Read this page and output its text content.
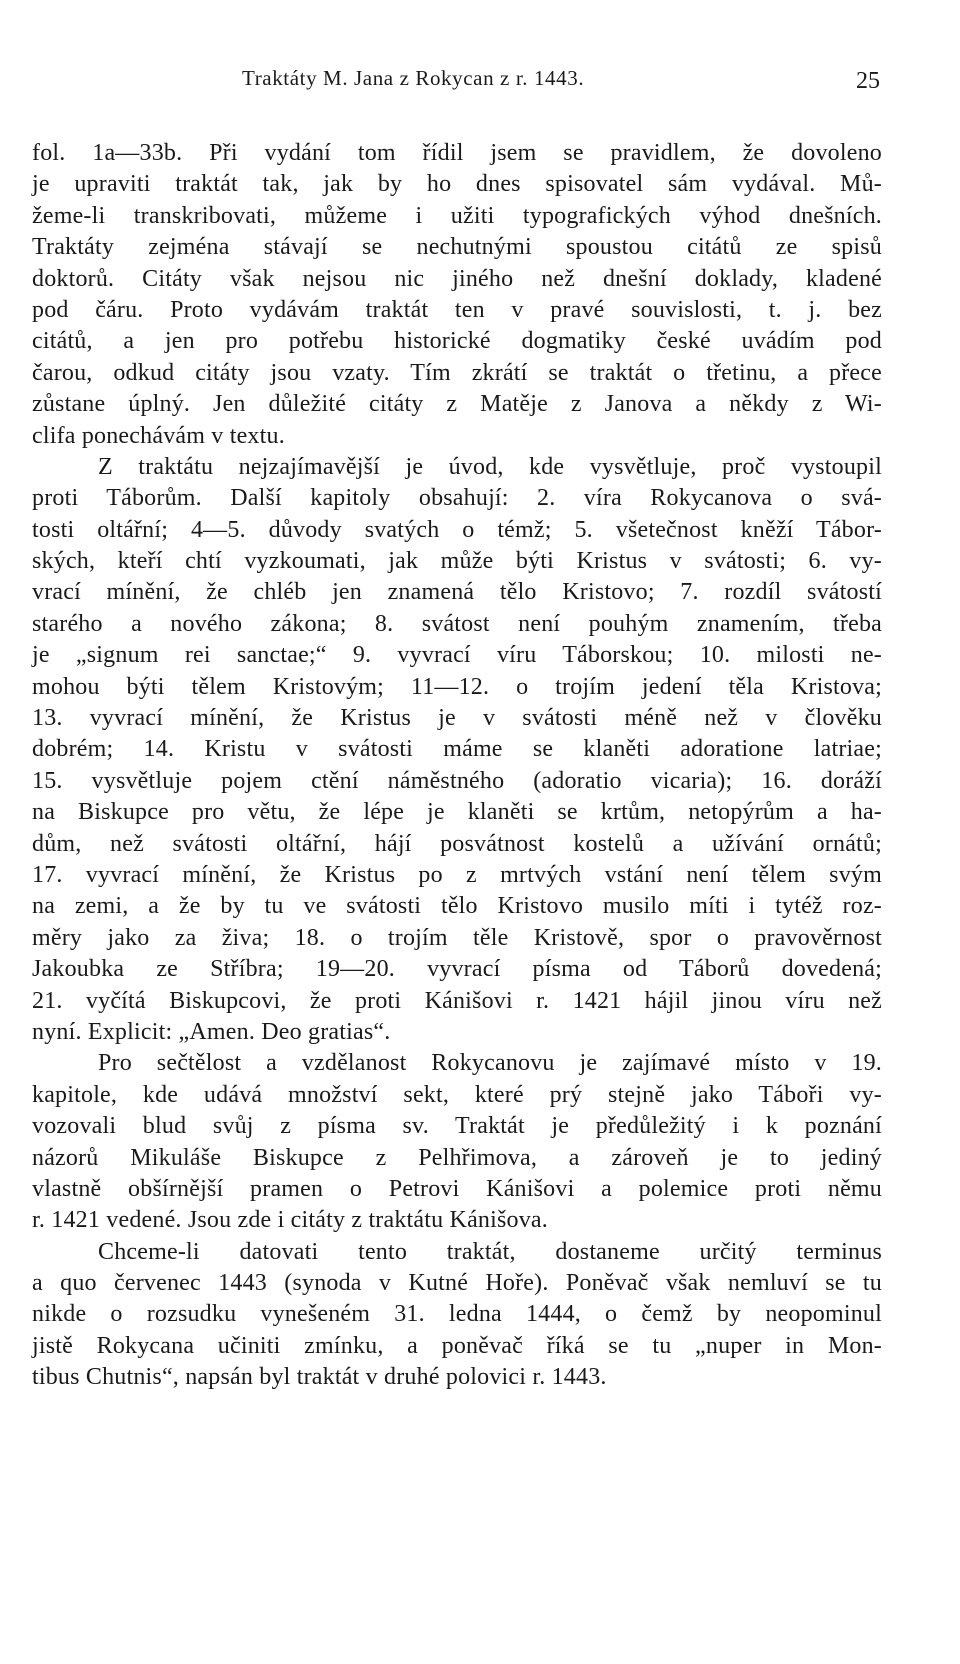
Traktáty M. Jana z Rokycan z r. 1443.	25
fol. 1a—33b. Při vydání tom řídil jsem se pravidlem, že dovoleno
je upraviti traktát tak, jak by ho dnes spisovatel sám vydával. Mů-
žeme-li transkribovati, můžeme i užiti typografických výhod dnešních.
Traktáty zejména stávají se nechutnými spoustou citátů ze spisů
doktorů. Citáty však nejsou nic jiného než dnešní doklady, kladené
pod čáru. Proto vydávám traktát ten v pravé souvislosti, t. j. bez
citátů, a jen pro potřebu historické dogmatiky české uvádím pod
čarou, odkud citáty jsou vzaty. Tím zkrátí se traktát o třetinu, a přece
zůstane úplný. Jen důležité citáty z Matěje z Janova a někdy z Wi-
clifa ponechávám v textu.
Z traktátu nejzajímavější je úvod, kde vysvětluje, proč vystoupil
proti Táborům. Další kapitoly obsahují: 2. víra Rokycanova o svá-
tosti oltářní; 4—5. důvody svatých o témž; 5. všetečnost kněží Tábor-
ských, kteří chtí vyzkoumati, jak může býti Kristus v svátosti; 6. vy-
vrací mínění, že chléb jen znamená tělo Kristovo; 7. rozdíl svátostí
starého a nového zákona; 8. svátost není pouhým znamením, třeba
je „signum rei sanctae;“ 9. vyvrací víru Táborskou; 10. milosti ne-
mohou býti tělem Kristovým; 11—12. o trojím jedení těla Kristova;
13. vyvrací mínění, že Kristus je v svátosti méně než v člověku
dobrém; 14. Kristu v svátosti máme se klaněti adoratione latriae;
15. vysvětluje pojem ctění náměstného (adoratio vicaria); 16. doráží
na Biskupce pro větu, že lépe je klaněti se krtům, netopýrům a ha-
dům, než svátosti oltářní, hájí posvátnost kostelů a užívání ornátů;
17. vyvrací mínění, že Kristus po z mrtvých vstání není tělem svým
na zemi, a že by tu ve svátosti tělo Kristovo musilo míti i tytéž roz-
měry jako za živa; 18. o trojím těle Kristově, spor o pravověrnost
Jakoubka ze Stříbra; 19—20. vyvrací písma od Táborů dovedená;
21. vyčítá Biskupcovi, že proti Kánišovi r. 1421 hájil jinou víru než
nyní. Explicit: „Amen. Deo gratias“.
Pro sečtělost a vzdělanost Rokycanovu je zajímavé místo v 19.
kapitole, kde udává množství sekt, které prý stejně jako Táboři vy-
vozovali blud svůj z písma sv. Traktát je předůležitý i k poznání
názorů Mikuláše Biskupce z Pelhřimova, a zároveň je to jediný
vlastně obšírnější pramen o Petrovi Kánišovi a polemice proti němu
r. 1421 vedené. Jsou zde i citáty z traktátu Kánišova.
Chceme-li datovati tento traktát, dostaneme určitý terminus
a quo červenec 1443 (synoda v Kutné Hoře). Poněvač však nemluví se tu
nikde o rozsudku vynešeném 31. ledna 1444, o čemž by neopominul
jistě Rokycana učiniti zmínku, a poněvač říká se tu „nuper in Mon-
tibus Chutnis“, napsán byl traktát v druhé polovici r. 1443.
